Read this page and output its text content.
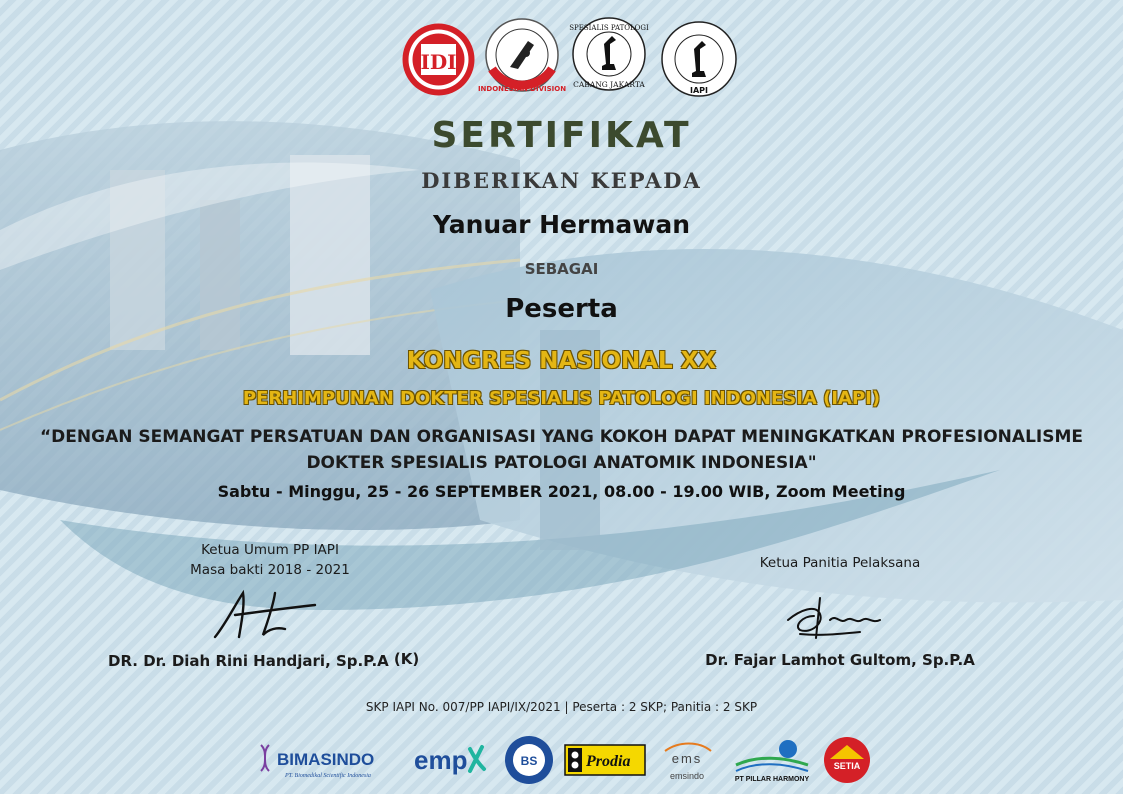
IDI
INDONESIAN DIVISION
SPESIALIS PATOLOGI
CABANG JAKARTA
IAPI
SERTIFIKAT
DIBERIKAN KEPADA
Yanuar Hermawan
SEBAGAI
Peserta
KONGRES NASIONAL XX
PERHIMPUNAN DOKTER SPESIALIS PATOLOGI INDONESIA (IAPI)
“DENGAN SEMANGAT PERSATUAN DAN ORGANISASI YANG KOKOH DAPAT MENINGKATKAN PROFESIONALISME
DOKTER SPESIALIS PATOLOGI ANATOMIK INDONESIA"
Sabtu - Minggu, 25 - 26 SEPTEMBER 2021, 08.00 - 19.00 WIB, Zoom Meeting
Ketua Umum PP IAPI
Masa bakti 2018 - 2021
DR. Dr. Diah Rini Handjari, Sp.P.A (K)
Ketua Panitia Pelaksana
Dr. Fajar Lamhot Gultom, Sp.P.A
SKP IAPI No. 007/PP IAPI/IX/2021 | Peserta : 2 SKP; Panitia : 2 SKP
BIMASINDO
PT. Biomedikal Scientific Indonesia
emp	BS	Prodia	ems
emsindo	PT PILLAR HARMONY
SETIA
